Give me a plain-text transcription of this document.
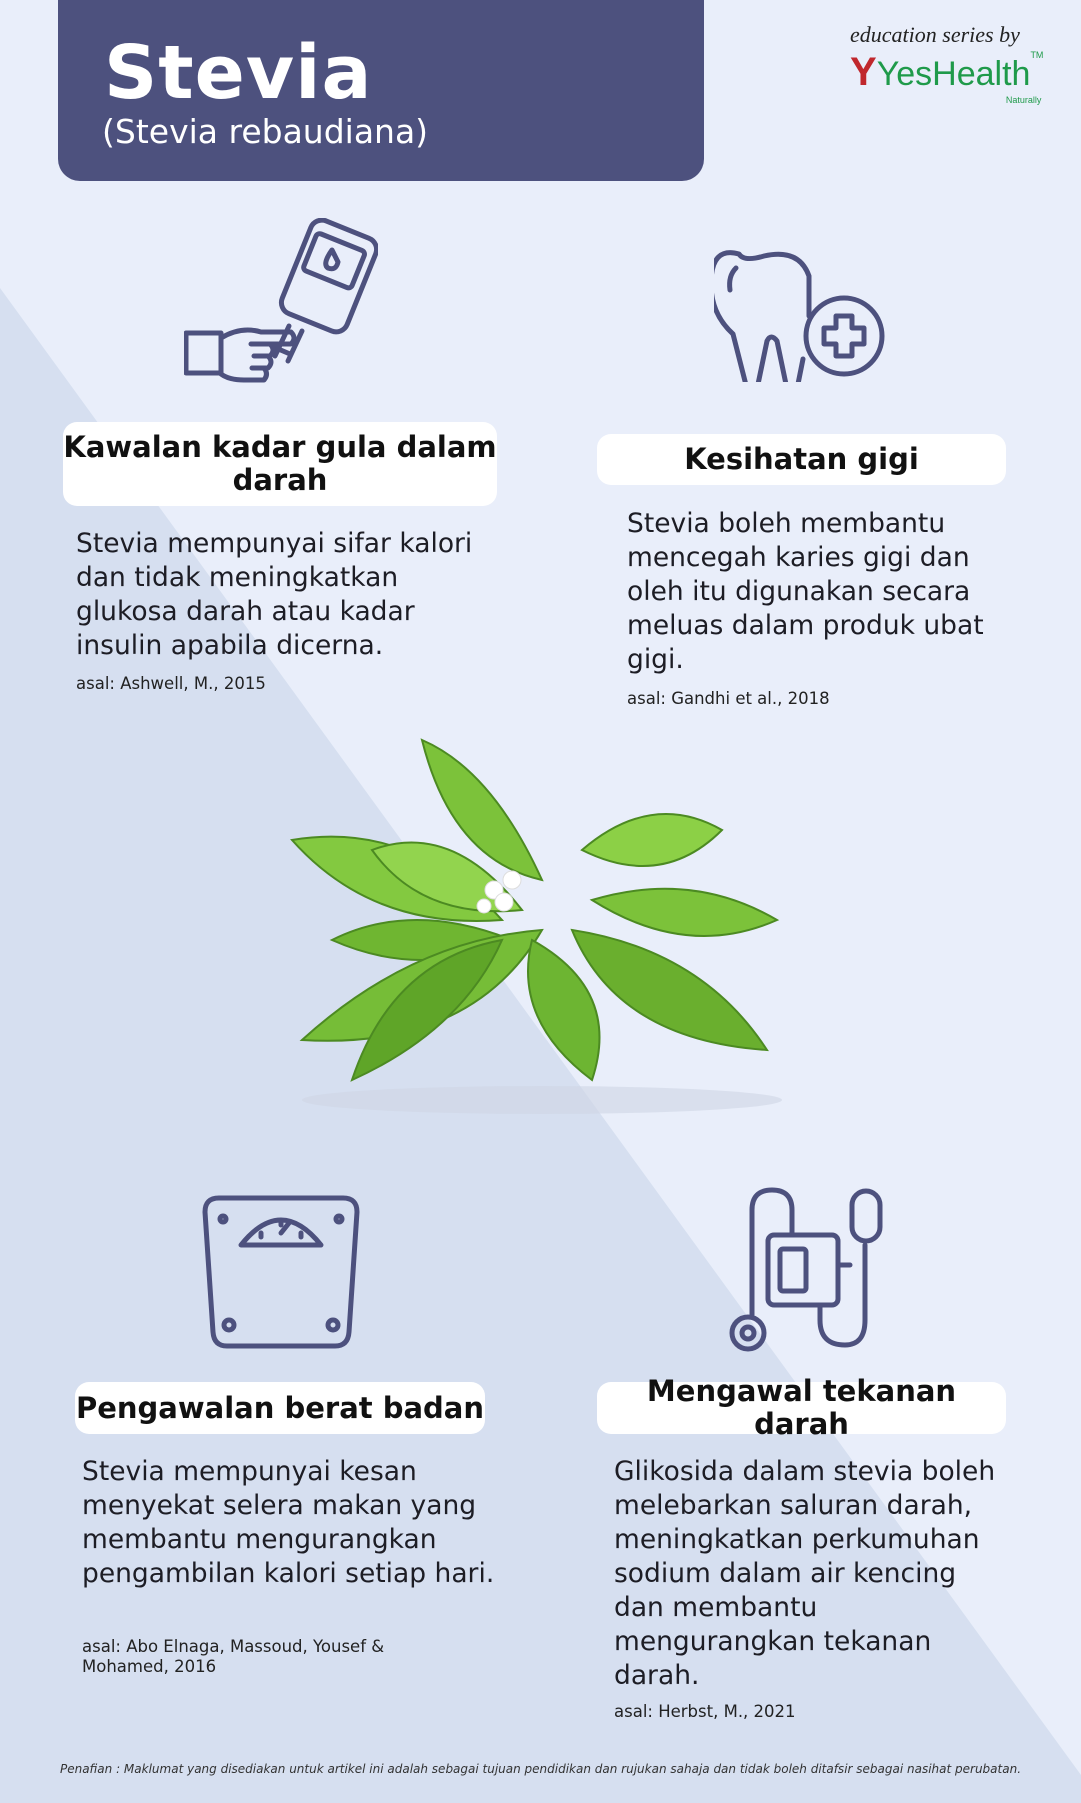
Stevia
(Stevia rebaudiana)
education series by
YYesHealth™
Naturally
Kawalan kadar gula dalam darah
Stevia mempunyai sifar kalori dan tidak meningkatkan glukosa darah atau kadar insulin apabila dicerna.
asal: Ashwell, M., 2015
Kesihatan gigi
Stevia boleh membantu mencegah karies gigi dan oleh itu digunakan secara meluas dalam produk ubat gigi.
asal: Gandhi et al., 2018
Pengawalan berat badan
Stevia mempunyai kesan menyekat selera makan yang membantu mengurangkan pengambilan kalori setiap hari.
asal: Abo Elnaga, Massoud, Yousef & Mohamed, 2016
Mengawal tekanan darah
Glikosida dalam stevia boleh melebarkan saluran darah, meningkatkan perkumuhan sodium dalam air kencing dan membantu mengurangkan tekanan darah.
asal: Herbst, M., 2021
Penafian : Maklumat yang disediakan untuk artikel ini adalah sebagai tujuan pendidikan dan rujukan sahaja dan tidak boleh ditafsir sebagai nasihat perubatan.
